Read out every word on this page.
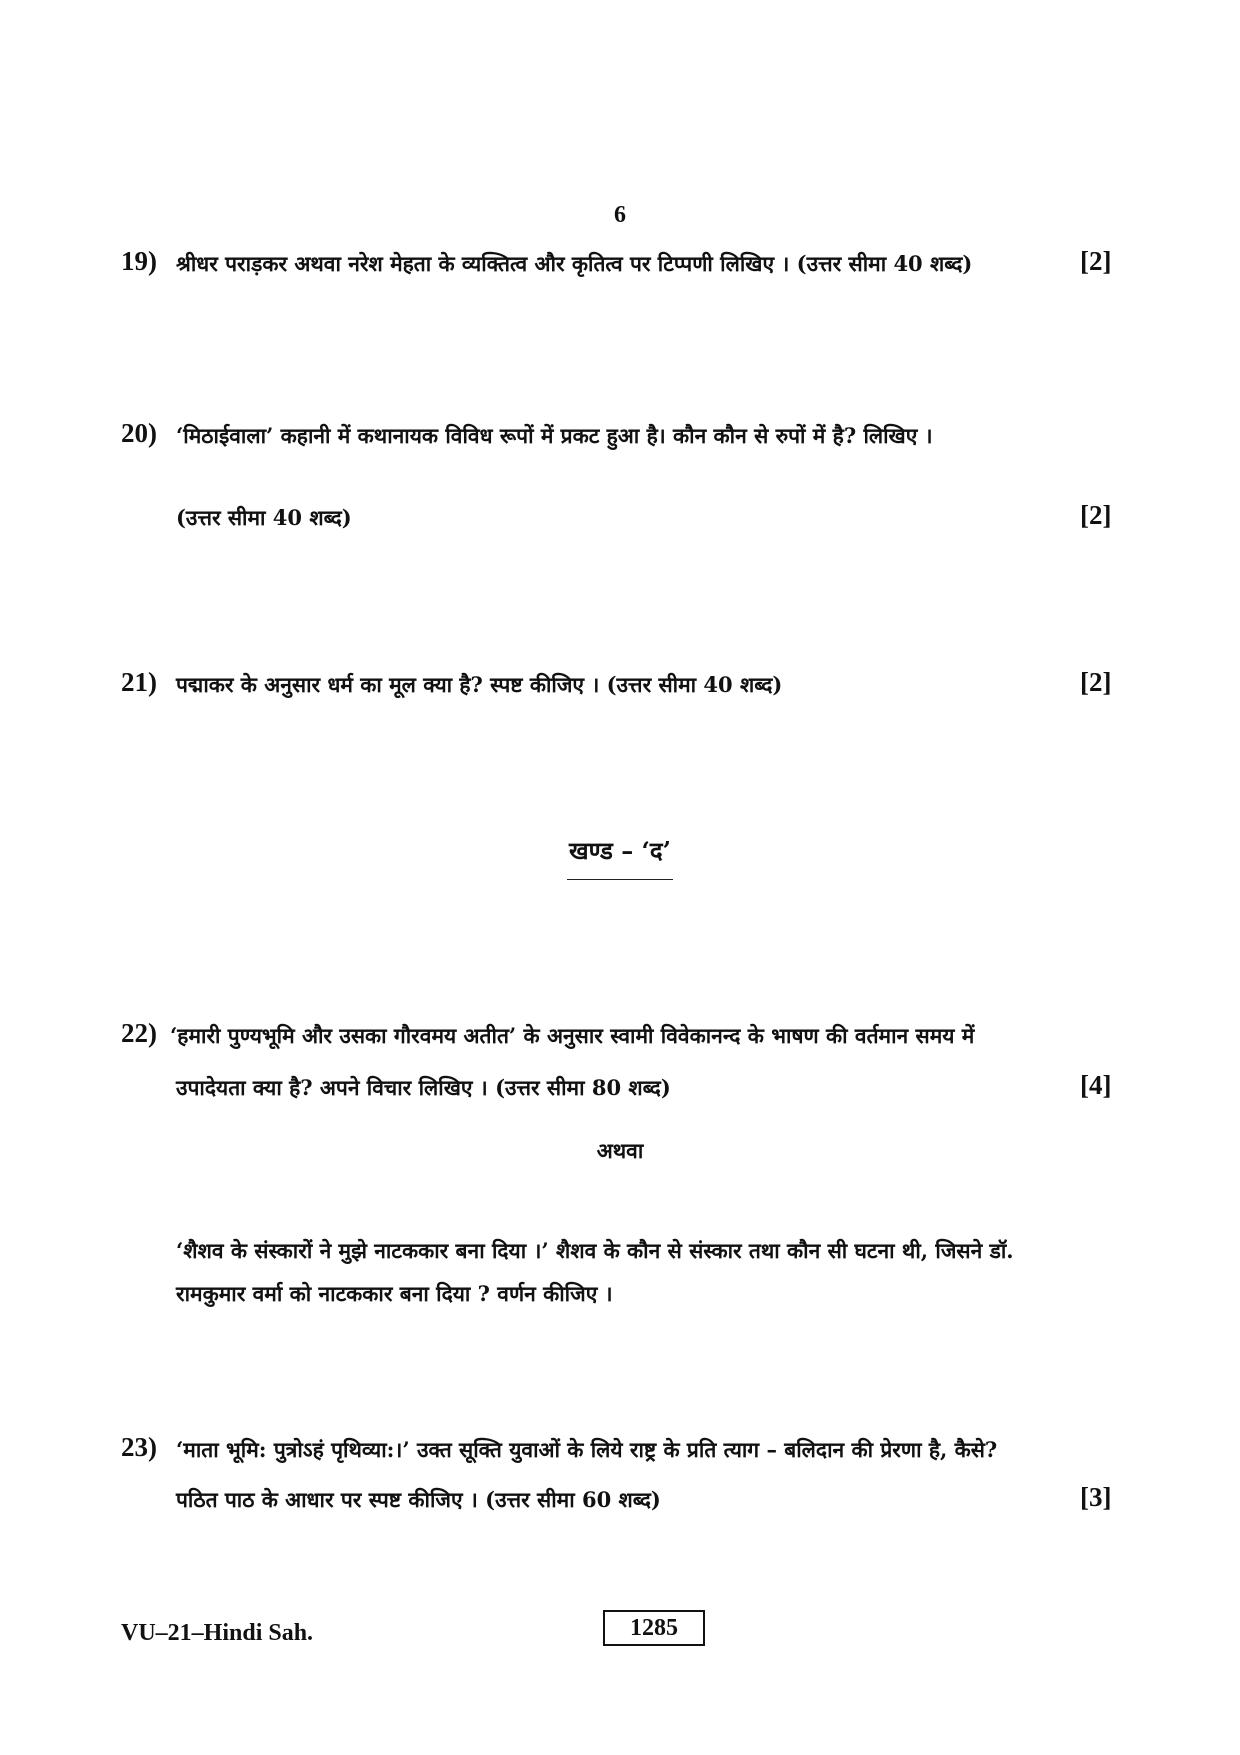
6
19) श्रीधर पराड़कर अथवा नरेश मेहता के व्यक्तित्व और कृतित्व पर टिप्पणी लिखिए । (उत्तर सीमा 40 शब्द)	[2]
20) ‘मिठाईवाला’ कहानी में कथानायक विविध रूपों में प्रकट हुआ है। कौन कौन से रुपों में है? लिखिए ।
(उत्तर सीमा 40 शब्द)	[2]
21) पद्माकर के अनुसार धर्म का मूल क्या है? स्पष्ट कीजिए । (उत्तर सीमा 40 शब्द)	[2]
खण्ड – ‘द’
22) ‘हमारी पुण्यभूमि और उसका गौरवमय अतीत’ के अनुसार स्वामी विवेकानन्द के भाषण की वर्तमान समय में
उपादेयता क्या है? अपने विचार लिखिए । (उत्तर सीमा 80 शब्द)	[4]
अथवा
‘शैशव के संस्कारों ने मुझे नाटककार बना दिया ।’ शैशव के कौन से संस्कार तथा कौन सी घटना थी, जिसने डॉ.
रामकुमार वर्मा को नाटककार बना दिया ? वर्णन कीजिए ।
23) ‘माता भूमि: पुत्रोऽहं पृथिव्या:।’ उक्त सूक्ति युवाओं के लिये राष्ट्र के प्रति त्याग – बलिदान की प्रेरणा है, कैसे?
पठित पाठ के आधार पर स्पष्ट कीजिए । (उत्तर सीमा 60 शब्द)	[3]
VU–21–Hindi Sah.	1285
